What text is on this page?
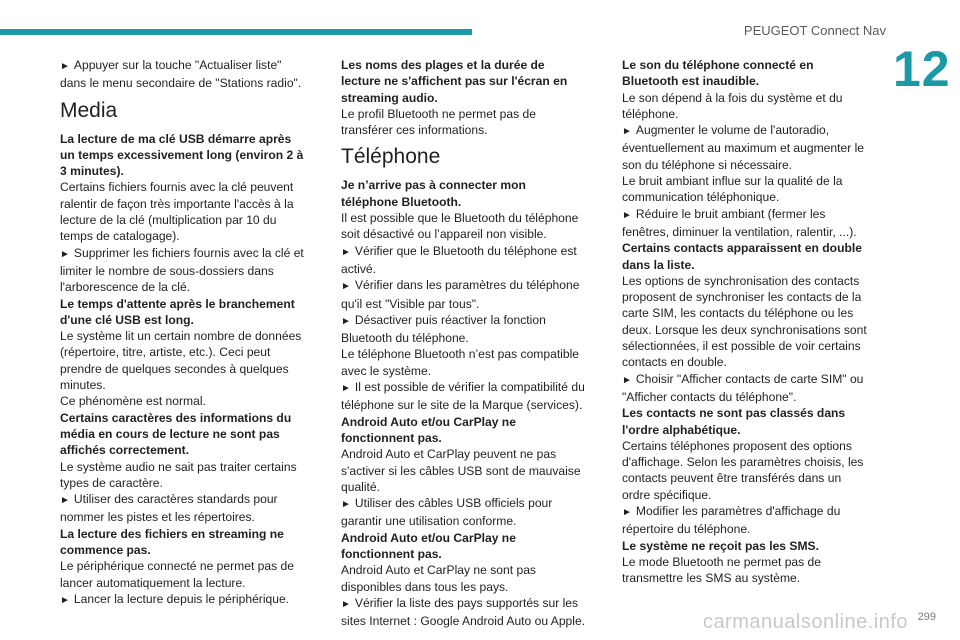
PEUGEOT Connect Nav
12

► Appuyer sur la touche "Actualiser liste" dans le menu secondaire de "Stations radio".

Media

La lecture de ma clé USB démarre après un temps excessivement long (environ 2 à 3 minutes).

Certains fichiers fournis avec la clé peuvent ralentir de façon très importante l'accès à la lecture de la clé (multiplication par 10 du temps de catalogage).

► Supprimer les fichiers fournis avec la clé et limiter le nombre de sous-dossiers dans l'arborescence de la clé.

Le temps d'attente après le branchement d'une clé USB est long.

Le système lit un certain nombre de données (répertoire, titre, artiste, etc.). Ceci peut prendre de quelques secondes à quelques minutes.

Ce phénomène est normal.

Certains caractères des informations du média en cours de lecture ne sont pas affichés correctement.

Le système audio ne sait pas traiter certains types de caractère.

► Utiliser des caractères standards pour nommer les pistes et les répertoires.

La lecture des fichiers en streaming ne commence pas.

Le périphérique connecté ne permet pas de lancer automatiquement la lecture.

► Lancer la lecture depuis le périphérique.

Les noms des plages et la durée de lecture ne s'affichent pas sur l'écran en streaming audio.

Le profil Bluetooth ne permet pas de transférer ces informations.

Téléphone

Je n’arrive pas à connecter mon téléphone Bluetooth.

Il est possible que le Bluetooth du téléphone soit désactivé ou l’appareil non visible.

► Vérifier que le Bluetooth du téléphone est activé.

► Vérifier dans les paramètres du téléphone qu'il est "Visible par tous".

► Désactiver puis réactiver la fonction Bluetooth du téléphone.

Le téléphone Bluetooth n’est pas compatible avec le système.

► Il est possible de vérifier la compatibilité du téléphone sur le site de la Marque (services).

Android Auto et/ou CarPlay ne fonctionnent pas.

Android Auto et CarPlay peuvent ne pas s'activer si les câbles USB sont de mauvaise qualité.

► Utiliser des câbles USB officiels pour garantir une utilisation conforme.

Android Auto et/ou CarPlay ne fonctionnent pas.

Android Auto et CarPlay ne sont pas disponibles dans tous les pays.

► Vérifier la liste des pays supportés sur les sites Internet : Google Android Auto ou Apple.

Le son du téléphone connecté en Bluetooth est inaudible.

Le son dépend à la fois du système et du téléphone.

► Augmenter le volume de l'autoradio, éventuellement au maximum et augmenter le son du téléphone si nécessaire.

Le bruit ambiant influe sur la qualité de la communication téléphonique.

► Réduire le bruit ambiant (fermer les fenêtres, diminuer la ventilation, ralentir, ...).

Certains contacts apparaissent en double dans la liste.

Les options de synchronisation des contacts proposent de synchroniser les contacts de la carte SIM, les contacts du téléphone ou les deux. Lorsque les deux synchronisations sont sélectionnées, il est possible de voir certains contacts en double.

► Choisir "Afficher contacts de carte SIM" ou "Afficher contacts du téléphone".

Les contacts ne sont pas classés dans l'ordre alphabétique.

Certains téléphones proposent des options d'affichage. Selon les paramètres choisis, les contacts peuvent être transférés dans un ordre spécifique.

► Modifier les paramètres d'affichage du répertoire du téléphone.

Le système ne reçoit pas les SMS.

Le mode Bluetooth ne permet pas de transmettre les SMS au système.

299
carmanualsonline.info
